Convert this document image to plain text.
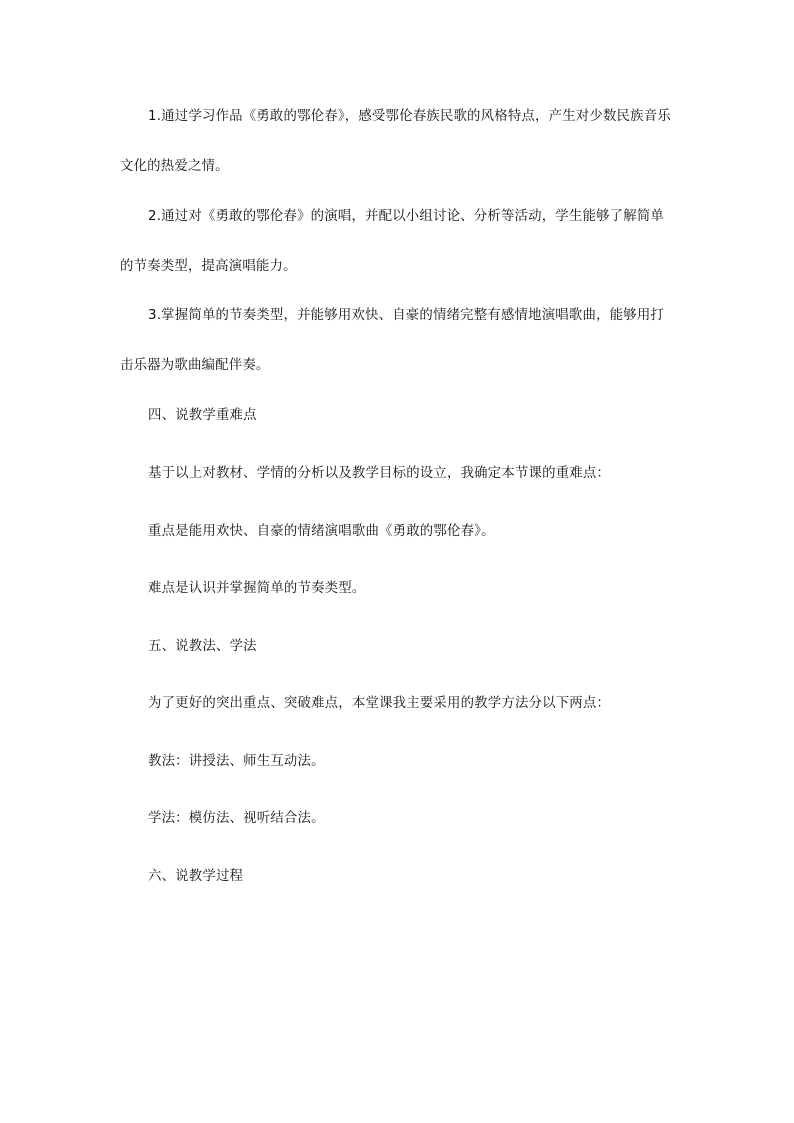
1.通过学习作品《勇敢的鄂伦春》，感受鄂伦春族民歌的风格特点，产生对少数民族音乐文化的热爱之情。

2.通过对《勇敢的鄂伦春》的演唱，并配以小组讨论、分析等活动，学生能够了解简单的节奏类型，提高演唱能力。

3.掌握简单的节奏类型，并能够用欢快、自豪的情绪完整有感情地演唱歌曲，能够用打击乐器为歌曲编配伴奏。

四、说教学重难点

基于以上对教材、学情的分析以及教学目标的设立，我确定本节课的重难点：

重点是能用欢快、自豪的情绪演唱歌曲《勇敢的鄂伦春》。

难点是认识并掌握简单的节奏类型。

五、说教法、学法

为了更好的突出重点、突破难点，本堂课我主要采用的教学方法分以下两点：

教法：讲授法、师生互动法。

学法：模仿法、视听结合法。

六、说教学过程
